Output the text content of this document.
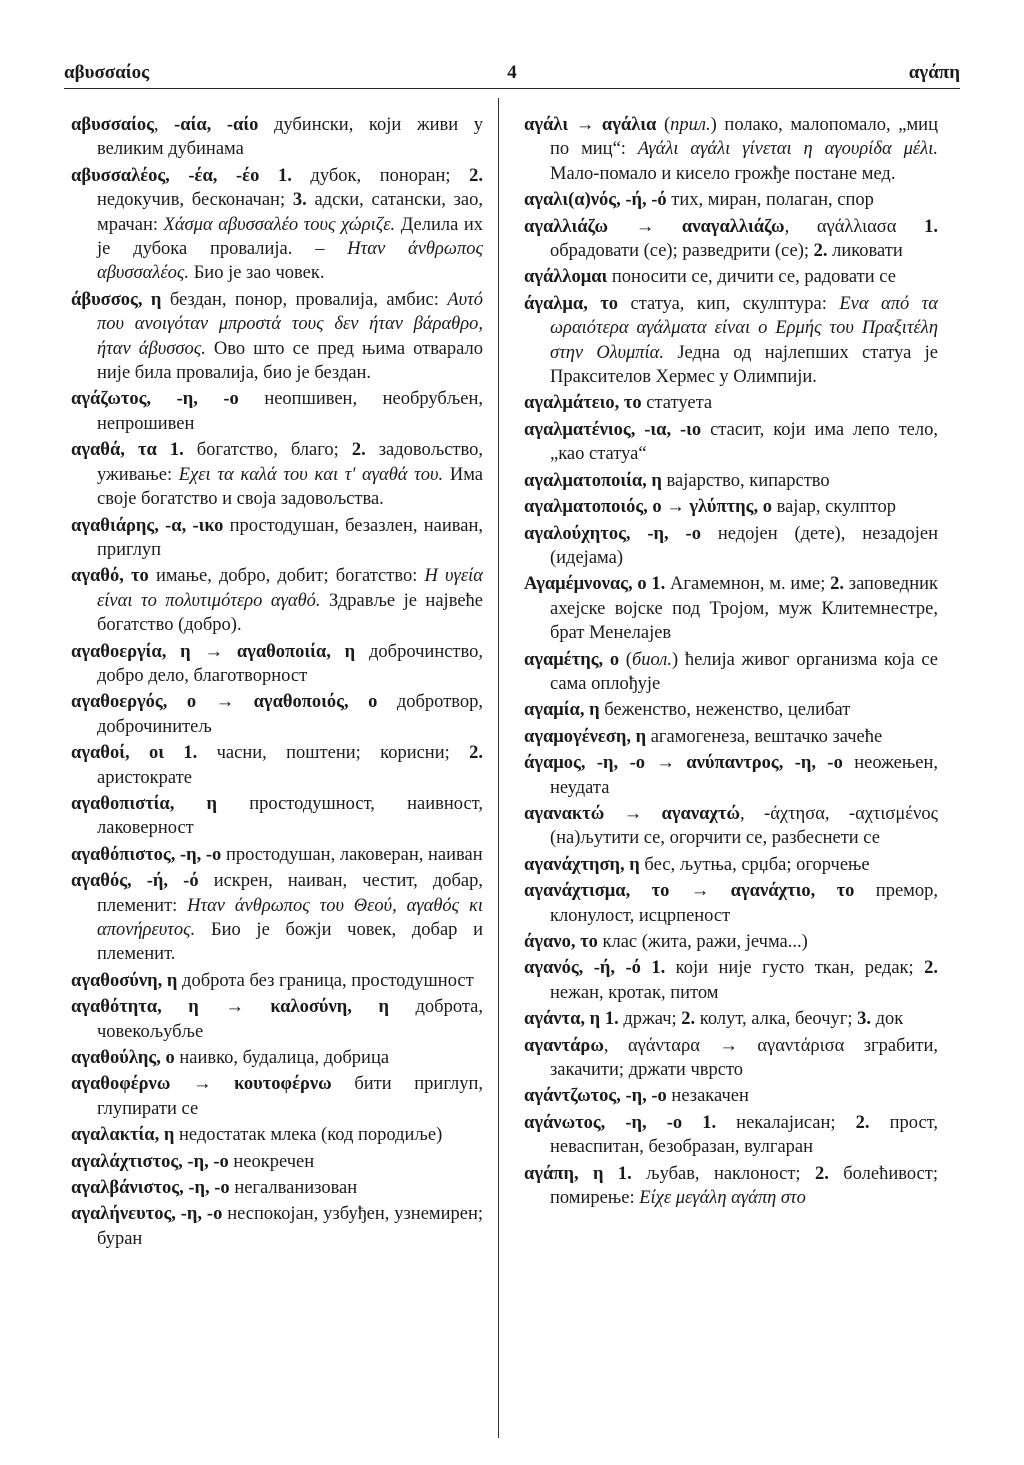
αβυσσαίος	4	αγάπη

αβυσσαίος, -αία, -αίο дубински, који живи у великим дубинама

αβυσσαλέος, -έα, -έο 1. дубок, понорaн; 2. недокучив, бесконачан; 3. адски, сатански, зао, мрачан: Χάσμα αβυσσαλέο τους χώριζε. Делила их је дубока провалија. – Ηταν άνθρωπος αβυσσαλέος. Био је зао човек.

άβυσσος, η бездан, понор, провалија, амбис: Αυτό που ανοιγόταν μπροστά τους δεν ήταν βάραθρο, ήταν άβυσσος. Ово што се пред њима отварало није била провалија, био је бездан.

αγάζωτος, -η, -ο неопшивен, необрубљен, непрошивен

αγαθά, τα 1. богатство, благо; 2. задовољство, уживање: Εχει τα καλά του και τ' αγαθά του. Има своје богатство и своја задовољства.

αγαθιάρης, -α, -ικο простодушан, безазлен, наиван, приглуп

αγαθό, το имање, добро, добит; богатство: Η υγεία είναι το πολυτιμότερο αγαθό. Здравље је највеће богатство (добро).

αγαθοεργία, η → αγαθοποιία, η доброчинство, добро дело, благотворност

αγαθοεργός, ο → αγαθοποιός, ο добротвор, доброчинитељ

αγαθοί, οι 1. часни, поштени; корисни; 2. аристократе

αγαθοπιστία, η простодушност, наивност, лаковерност

αγαθόπιστος, -η, -ο простодушан, лаковеран, наиван

αγαθός, -ή, -ό искрен, наиван, честит, добар, племенит: Ηταν άνθρωπος του Θεού, αγαθός κι απονήρευτος. Био је божји човек, добар и племенит.

αγαθοσύνη, η доброта без граница, простодушност

αγαθότητα, η → καλοσύνη, η доброта, човекољубље

αγαθούλης, ο наивко, будалица, добрица

αγαθοφέρνω → κουτοφέρνω бити приглуп, глупирати се

αγαλακτία, η недостатак млека (код породиље)

αγαλάχτιστος, -η, -ο неокречен

αγαλβάνιστος, -η, -ο негалванизован

αγαλήνευτος, -η, -ο неспокојан, узбуђен, узнемирен; буран

αγάλι → αγάλια (прил.) полако, малопомало, „миц по миц“: Αγάλι αγάλι γίνεται η αγουρίδα μέλι. Мало-помало и кисело грожђе постане мед.

αγαλι(α)νός, -ή, -ό тих, миран, полаган, спор

αγαλλιάζω → αναγαλλιάζω, αγάλλιασα 1. обрадовати (се); разведрити (се); 2. ликовати

αγάλλομαι поносити се, дичити се, радовати се

άγαλμα, το статуа, кип, скулптура: Ενα από τα ωραιότερα αγάλματα είναι ο Ερμής του Πραξιτέλη στην Ολυμπία. Једна од најлепших статуа је Праксителов Хермес у Олимпији.

αγαλμάτειο, το статуета

αγαλματένιος, -ια, -ιο стасит, који има лепо тело, „као статуа“

αγαλματοποιία, η вајарство, кипарство

αγαλματοποιός, ο → γλύπτης, ο вајар, скулптор

αγαλούχητος, -η, -ο недојен (дете), незадојен (идејама)

Αγαμέμνονας, ο 1. Агамемнон, м. име; 2. заповедник ахејске војске под Тројом, муж Клитемнестре, брат Менелајев

αγαμέτης, ο (биол.) ћелија живог организма која се сама оплођује

αγαμία, η беженство, неженство, целибат

αγαμογένεση, η агамогенеза, вештачко зачеће

άγαμος, -η, -ο → ανύπαντρος, -η, -ο неожењен, неудата

αγανακτώ → αγαναχτώ, -άχτησα, -αχτισμένος (на)љутити се, огорчити се, разбеснети се

αγανάχτηση, η бес, љутња, срџба; огорчење

αγανάχτισμα, το → αγανάχτιο, το премор, клонулост, исцрпеност

άγανο, το клас (жита, ражи, јечма...)

αγανός, -ή, -ό 1. који није густо ткан, редак; 2. нежан, кротак, питом

αγάντα, η 1. држач; 2. колут, алка, беочуг; 3. док

αγαντάρω, αγάνταρα → αγαντάρισα зграбити, закачити; држати чврсто

αγάντζωτος, -η, -ο незакачен

αγάνωτος, -η, -ο 1. некалајисан; 2. прост, неваспитан, безобразан, вулгаран

αγάπη, η 1. љубав, наклоност; 2. болећивост; помирење: Είχε μεγάλη αγάπη στο
